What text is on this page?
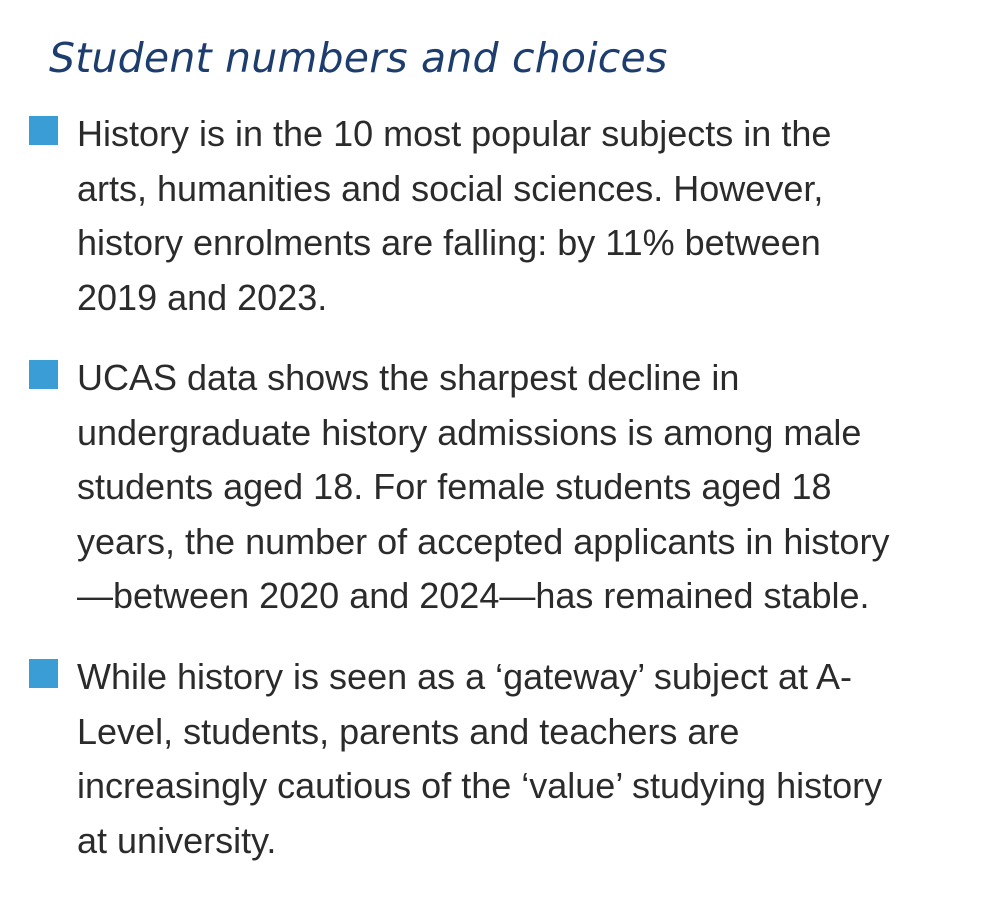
Student numbers and choices

History is in the 10 most popular subjects in the
arts, humanities and social sciences. However,
history enrolments are falling: by 11% between
2019 and 2023.

UCAS data shows the sharpest decline in
undergraduate history admissions is among male
students aged 18. For female students aged 18
years, the number of accepted applicants in history
—between 2020 and 2024—has remained stable.

While history is seen as a ‘gateway’ subject at A-
Level, students, parents and teachers are
increasingly cautious of the ‘value’ studying history
at university.
